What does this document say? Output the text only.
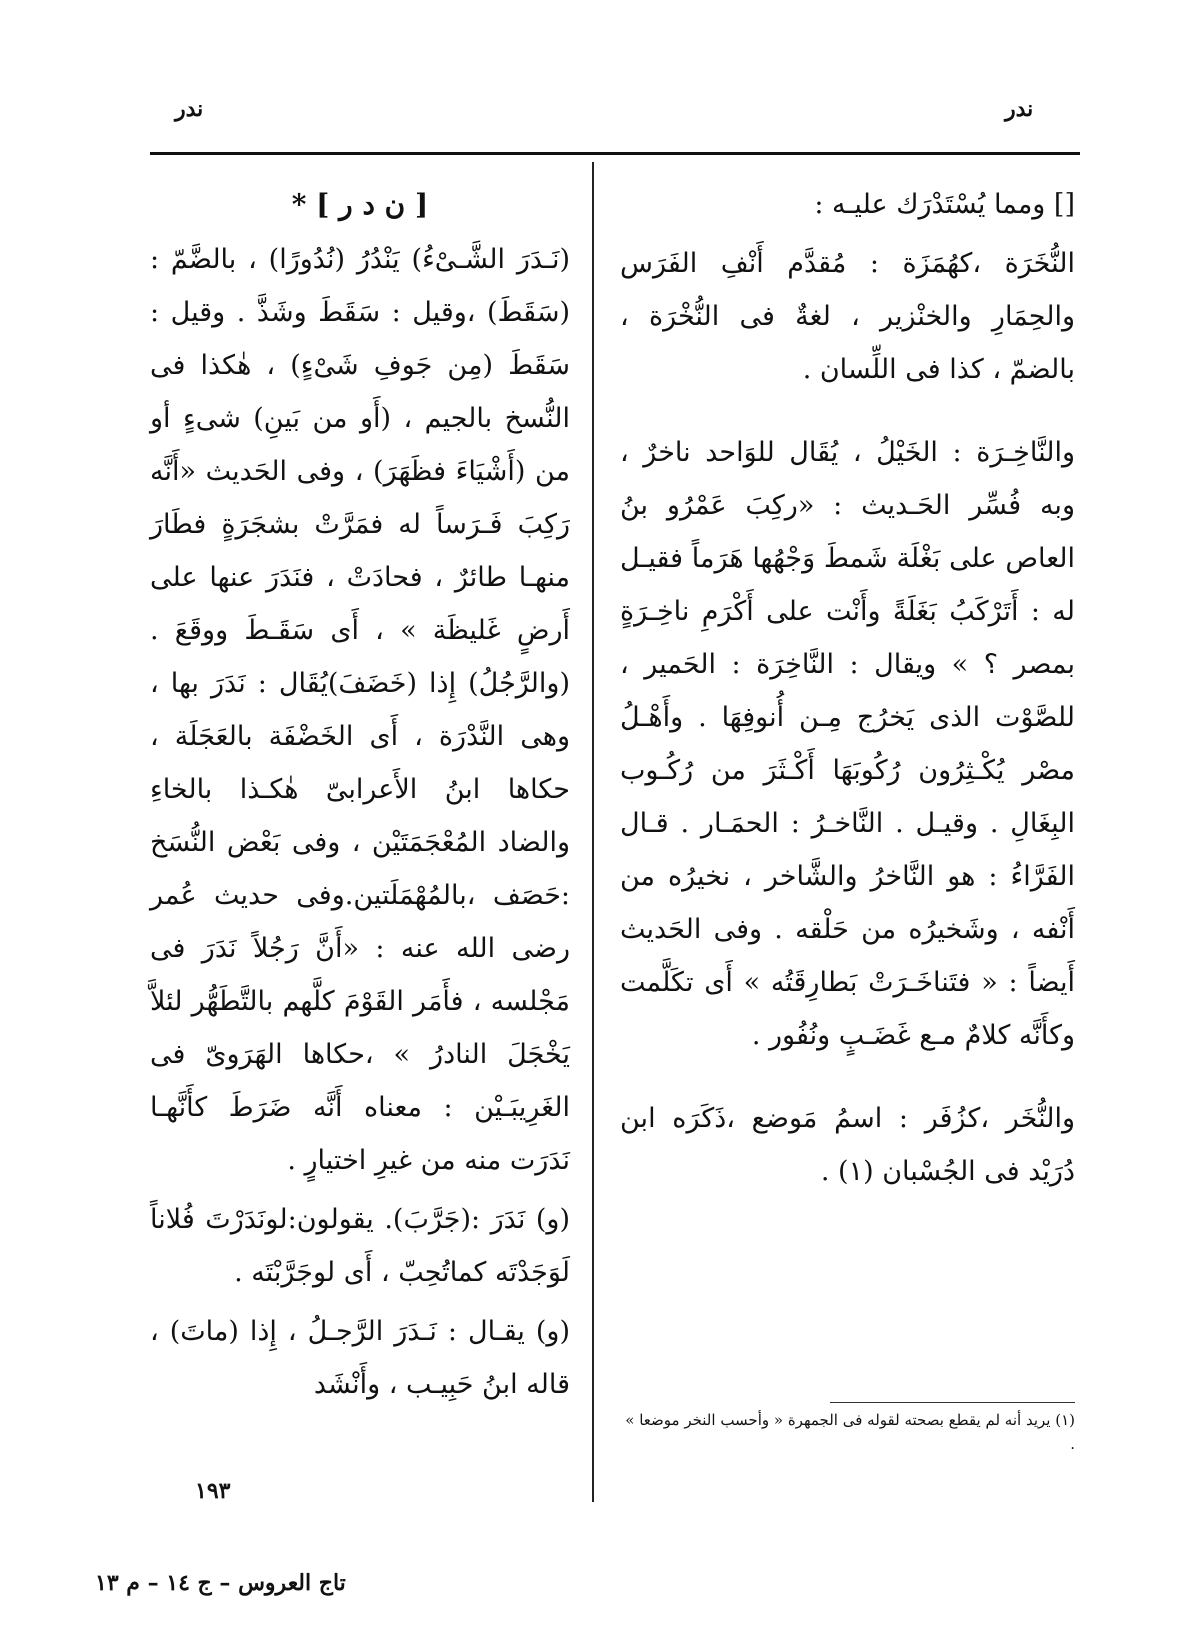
ندر	ندر

[] ومما يُسْتَدْرَك عليـه :

النُّخَرَة ،كهُمَزَة : مُقدَّم أَنْفِ الفَرَس والحِمَارِ والخنْزير ، لغةٌ فى النُّخْرَة ، بالضمّ ، كذا فى اللِّسان .

والنَّاخِـرَة : الخَيْلُ ، يُقَال للوَاحد ناخرٌ ، وبه فُسِّر الحَـديث : «ركِبَ عَمْرُو بنُ العاص على بَغْلَة شَمطَ وَجْهُها هَرَماً فقيـل له : أَتَرْكَبُ بَغَلَةً وأَنْت على أَكْرَمِ ناخِـرَةٍ بمصر ؟ » ويقال : النَّاخِرَة : الحَمير ، للصَّوْت الذى يَخرُج مِـن أُنوفِهَا . وأَهْـلُ مصْر يُكْـثِرُون رُكُوبَهَا أَكْـثَرَ من رُكُـوب البِغَالِ . وقيـل . النَّاخـرُ : الحمَـار . قـال الفَرَّاءُ : هو النَّاخرُ والشَّاخر ، نخيرُه من أَنْفه ، وشَخيرُه من حَلْقه . وفى الحَديث أَيضاً : « فتَناخَـرَتْ بَطارِقَتُه » أَى تكَلَّمت وكأَنَّه كلامٌ مـع غَضَـبٍ ونُفُور .

والنُّخَر ،كزُفَر : اسمُ مَوضع ،ذَكَرَه ابن دُرَيْد فى الجُسْبان (١) .

[ ن د ر ] *

(نَـدَرَ الشَّـىْءُ) يَنْدُرُ (نُدُورًا) ، بالضَّمّ : (سَقَطَ) ،وقيل : سَقَطَ وشَذَّ . وقيل : سَقَطَ (مِن جَوفِ شَىْءٍ) ، هٰكذا فى النُّسخ بالجيم ، (أَو من بَينِ) شىءٍ أو من (أَشْيَاءَ فظَهَرَ) ، وفى الحَديث «أَنَّه رَكِبَ فَـرَساً له فمَرَّتْ بشجَرَةٍ فطَارَ منهـا طائرٌ ، فحادَتْ ، فنَدَرَ عنها على أَرضٍ غَليظَة » ، أَى سَقَـطَ ووقَعَ . (والرَّجُلُ) إِذا (خَضَفَ)يُقَال : نَدَرَ بها ، وهى النَّدْرَة ، أَى الخَضْفَة بالعَجَلَة ، حكاها ابنُ الأَعرابىّ هٰكـذا بالخاءِ والضاد المُعْجَمَتَيْن ، وفى بَعْض النُّسَخ :حَصَف ،بالمُهْمَلَتين.وفى حديث عُمر رضى الله عنه : «أَنَّ رَجُلاً نَدَرَ فى مَجْلسه ، فأَمَر القَوْمَ كلَّهم بالتَّطَهُّر لئلاَّ يَخْجَلَ النادرُ » ،حكاها الهَرَوىّ فى الغَرِيبَـيْن : معناه أَنَّه ضَرَطَ كأَنَّهـا نَدَرَت منه من غيرِ اختيارٍ .

(و) نَدَرَ :(جَرَّبَ). يقولون:لونَدَرْتَ فُلاناً لَوَجَدْتَه كماتُحِبّ ، أَى لوجَرَّبْتَه .

(و) يقـال : نَـدَرَ الرَّجـلُ ، إِذا (ماتَ) ، قاله ابنُ حَبِيـب ، وأَنْشَد

(١) يريد أنه لم يقطع بصحته لقوله فى الجمهرة « وأحسب النخر موضعا » .
١٩٣
تاج العروس – ج ١٤ – م ١٣
